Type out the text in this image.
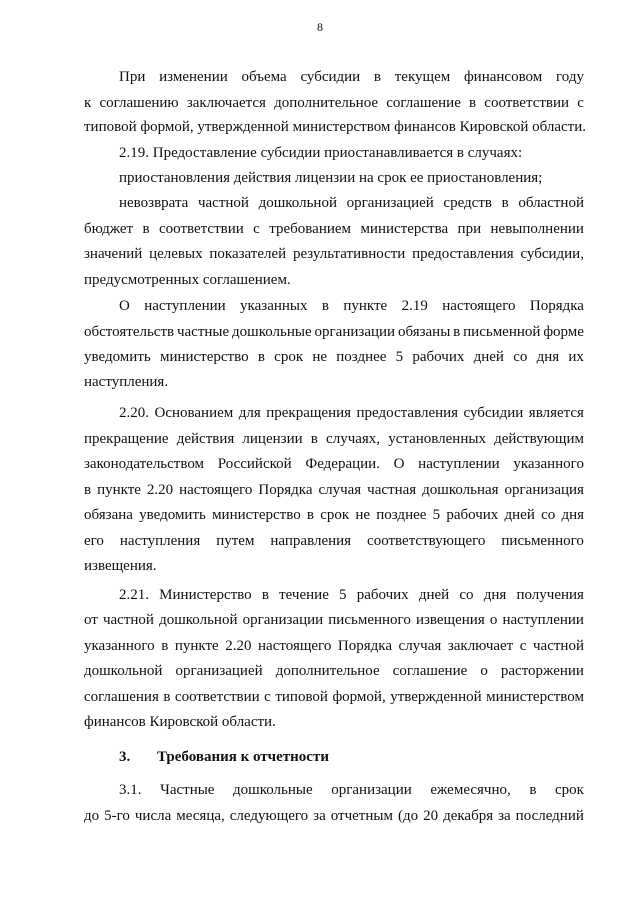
8
При изменении объема субсидии в текущем финансовом году
к соглашению заключается дополнительное соглашение в соответствии с
типовой формой, утвержденной министерством финансов Кировской области.
2.19. Предоставление субсидии приостанавливается в случаях:
приостановления действия лицензии на срок ее приостановления;
невозврата частной дошкольной организацией средств в областной
бюджет в соответствии с требованием министерства при невыполнении
значений целевых показателей результативности предоставления субсидии,
предусмотренных соглашением.
О наступлении указанных в пункте 2.19 настоящего Порядка
обстоятельств частные дошкольные организации обязаны в письменной форме
уведомить министерство в срок не позднее 5 рабочих дней со дня их
наступления.
2.20. Основанием для прекращения предоставления субсидии является
прекращение действия лицензии в случаях, установленных действующим
законодательством Российской Федерации. О наступлении указанного
в пункте 2.20 настоящего Порядка случая частная дошкольная организация
обязана уведомить министерство в срок не позднее 5 рабочих дней со дня
его наступления путем направления соответствующего письменного
извещения.
2.21. Министерство в течение 5 рабочих дней со дня получения
от частной дошкольной организации письменного извещения о наступлении
указанного в пункте 2.20 настоящего Порядка случая заключает с частной
дошкольной организацией дополнительное соглашение о расторжении
соглашения в соответствии с типовой формой, утвержденной министерством
финансов Кировской области.
3. Требования к отчетности
3.1. Частные дошкольные организации ежемесячно, в срок
до 5-го числа месяца, следующего за отчетным (до 20 декабря за последний
